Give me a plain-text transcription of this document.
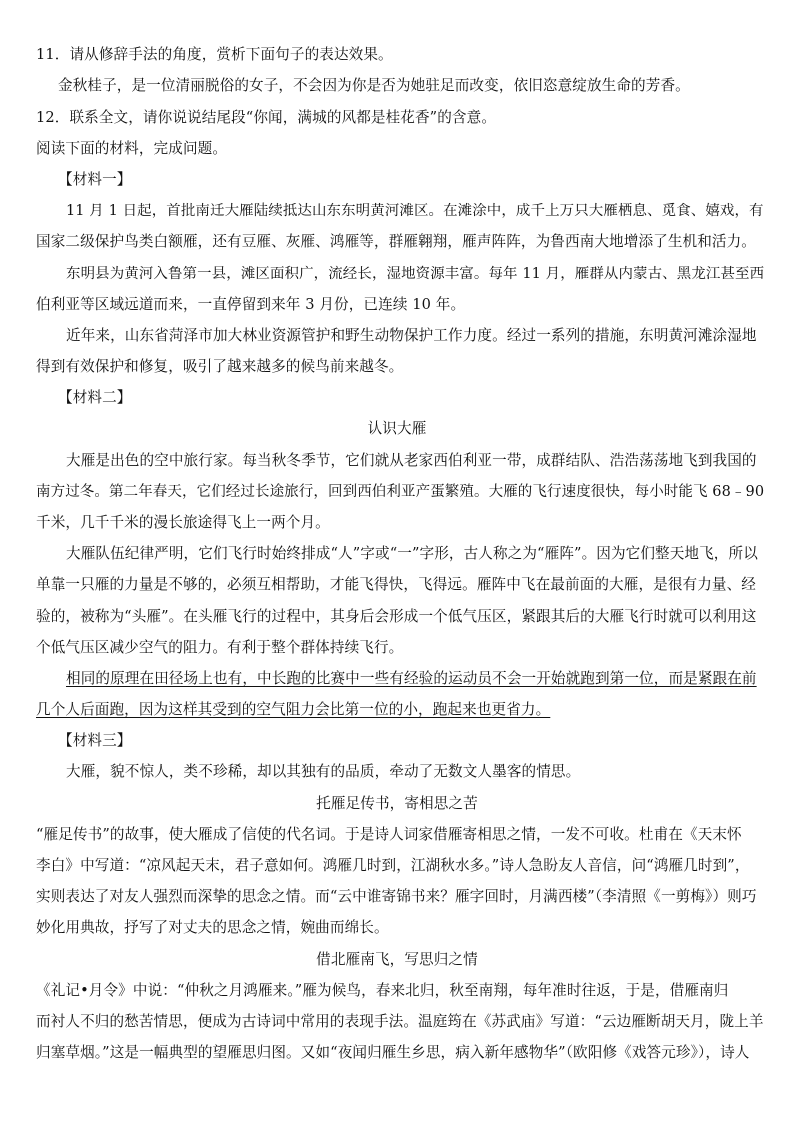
11．请从修辞手法的角度，赏析下面句子的表达效果。
金秋桂子，是一位清丽脱俗的女子，不会因为你是否为她驻足而改变，依旧恣意绽放生命的芳香。
12．联系全文，请你说说结尾段“你闻，满城的风都是桂花香”的含意。
阅读下面的材料，完成问题。
【材料一】
11 月 1 日起，首批南迁大雁陆续抵达山东东明黄河滩区。在滩涂中，成千上万只大雁栖息、觅食、嬉戏，有
国家二级保护鸟类白额雁，还有豆雁、灰雁、鸿雁等，群雁翱翔，雁声阵阵，为鲁西南大地增添了生机和活力。
东明县为黄河入鲁第一县，滩区面积广，流经长，湿地资源丰富。每年 11 月，雁群从内蒙古、黑龙江甚至西
伯利亚等区域远道而来，一直停留到来年 3 月份，已连续 10 年。
近年来，山东省菏泽市加大林业资源管护和野生动物保护工作力度。经过一系列的措施，东明黄河滩涂湿地
得到有效保护和修复，吸引了越来越多的候鸟前来越冬。
【材料二】
认识大雁
大雁是出色的空中旅行家。每当秋冬季节，它们就从老家西伯利亚一带，成群结队、浩浩荡荡地飞到我国的
南方过冬。第二年春天，它们经过长途旅行，回到西伯利亚产蛋繁殖。大雁的飞行速度很快，每小时能飞 68﹣90
千米，几千千米的漫长旅途得飞上一两个月。
大雁队伍纪律严明，它们飞行时始终排成“人”字或“一”字形，古人称之为“雁阵”。因为它们整天地飞，所以
单靠一只雁的力量是不够的，必须互相帮助，才能飞得快，飞得远。雁阵中飞在最前面的大雁，是很有力量、经
验的，被称为“头雁”。在头雁飞行的过程中，其身后会形成一个低气压区，紧跟其后的大雁飞行时就可以利用这
个低气压区减少空气的阻力。有利于整个群体持续飞行。
相同的原理在田径场上也有，中长跑的比赛中一些有经验的运动员不会一开始就跑到第一位，而是紧跟在前
几个人后面跑，因为这样其受到的空气阻力会比第一位的小，跑起来也更省力。
【材料三】
大雁，貌不惊人，类不珍稀，却以其独有的品质，牵动了无数文人墨客的情思。
托雁足传书，寄相思之苦
“雁足传书”的故事，使大雁成了信使的代名词。于是诗人词家借雁寄相思之情，一发不可收。杜甫在《天末怀
李白》中写道：“凉风起天末，君子意如何。鸿雁几时到，江湖秋水多。”诗人急盼友人音信，问“鸿雁几时到”，
实则表达了对友人强烈而深挚的思念之情。而“云中谁寄锦书来？雁字回时，月满西楼”（李清照《一剪梅》）则巧
妙化用典故，抒写了对丈夫的思念之情，婉曲而绵长。
借北雁南飞，写思归之情
《礼记•月令》中说：“仲秋之月鸿雁来。”雁为候鸟，春来北归，秋至南翔，每年准时往返，于是，借雁南归
而衬人不归的愁苦情思，便成为古诗词中常用的表现手法。温庭筠在《苏武庙》写道：“云边雁断胡天月，陇上羊
归塞草烟。”这是一幅典型的望雁思归图。又如“夜闻归雁生乡思，病入新年感物华”（欧阳修《戏答元珍》），诗人
